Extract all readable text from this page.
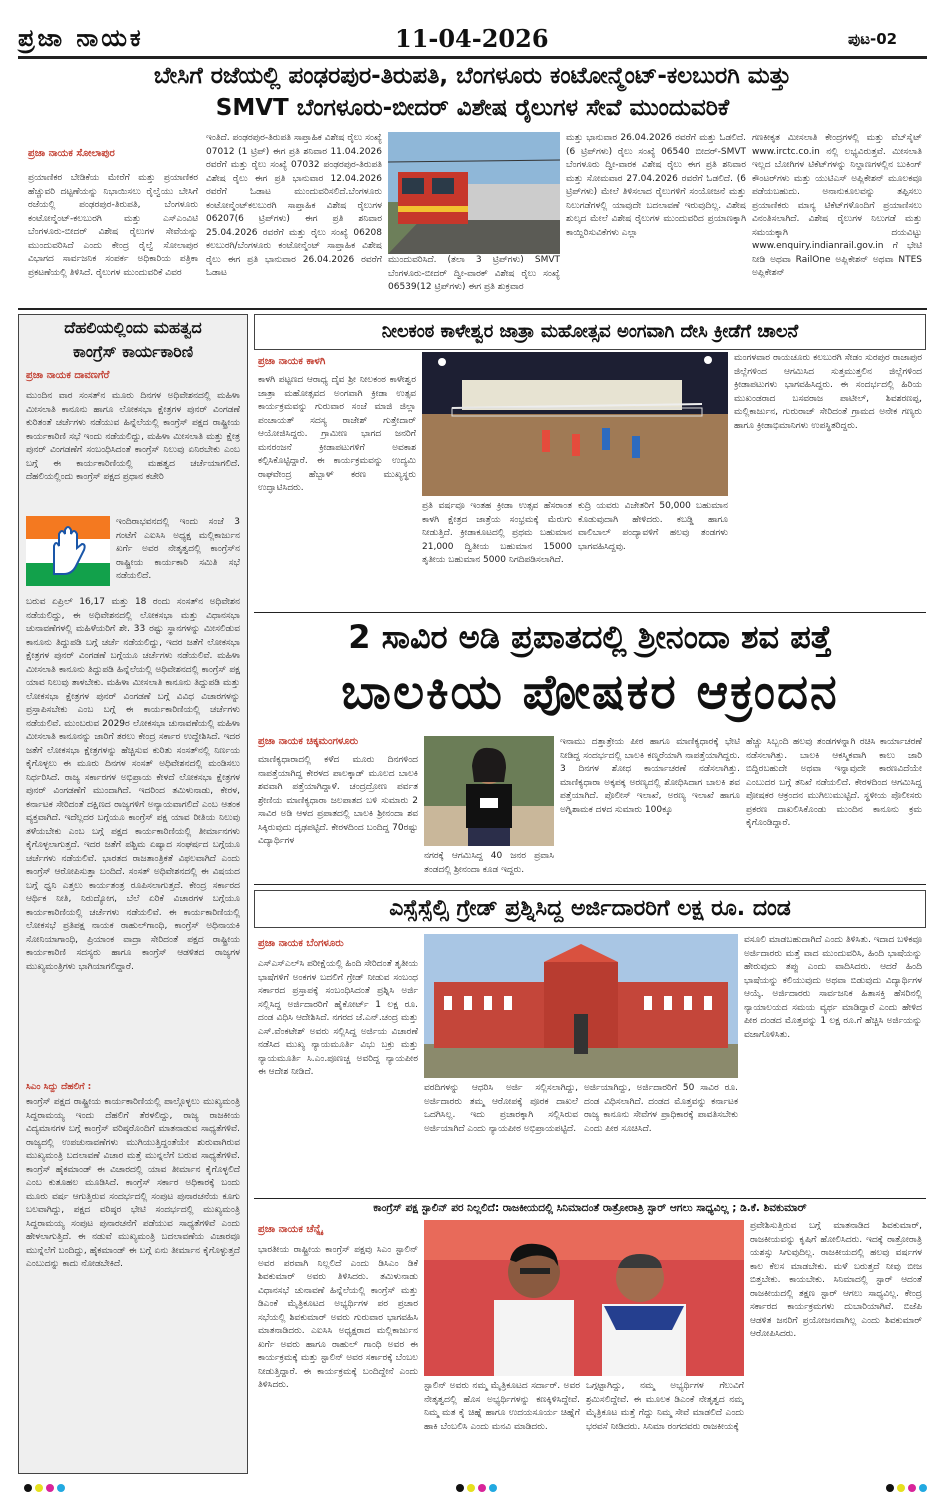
ಪ್ರಜಾ ನಾಯಕ	11-04-2026	ಪುಟ-02
ಬೇಸಿಗೆ ರಜೆಯಲ್ಲಿ ಪಂಢರಪುರ-ತಿರುಪತಿ, ಬೆಂಗಳೂರು ಕಂಟೋನ್ಮೆಂಟ್-ಕಲಬುರಗಿ ಮತ್ತು
SMVT ಬೆಂಗಳೂರು-ಬೀದರ್ ವಿಶೇಷ ರೈಲುಗಳ ಸೇವೆ ಮುಂದುವರಿಕೆ
ಪ್ರಜಾ ನಾಯಕ ಸೋಲಾಪುರ
ಪ್ರಯಾಣಿಕರ ಬೇಡಿಕೆಯ ಮೇರೆಗೆ ಮತ್ತು ಪ್ರಯಾಣಿಕರ ಹೆಚ್ಚುವರಿ ದಟ್ಟಣೆಯನ್ನು ನಿಭಾಯಿಸಲು ರೈಲ್ವೆಯು ಬೇಸಿಗೆ ರಜೆಯಲ್ಲಿ ಪಂಢರಪುರ-ತಿರುಪತಿ, ಬೆಂಗಳೂರು ಕಂಟೋನ್ಮೆಂಟ್-ಕಲಬುರಗಿ ಮತ್ತು ಎಸ್‌ಎಂವಿಟಿ ಬೆಂಗಳೂರು-ಬೀದರ್ ವಿಶೇಷ ರೈಲುಗಳ ಸೇವೆಯನ್ನು ಮುಂದುವರಿಸಿದೆ ಎಂದು ಕೇಂದ್ರ ರೈಲ್ವೆ ಸೋಲಾಪುರ ವಿಭಾಗದ ಸಾರ್ವಜನಿಕ ಸಂಪರ್ಕ ಅಧಿಕಾರಿಯ ಪತ್ರಿಕಾ ಪ್ರಕಟಣೆಯಲ್ಲಿ ತಿಳಿಸಿದೆ. ರೈಲುಗಳ ಮುಂದುವರಿಕೆ ವಿವರ
ಇಂತಿದೆ. ಪಂಢರಪುರ-ತಿರುಪತಿ ಸಾಪ್ತಾಹಿಕ ವಿಶೇಷ ರೈಲು ಸಂಖ್ಯೆ 07012 (1 ಟ್ರಿಪ್) ಈಗ ಪ್ರತಿ ಶನಿವಾರ 11.04.2026 ರವರೆಗೆ ಮತ್ತು ರೈಲು ಸಂಖ್ಯೆ 07032 ಪಂಢರಪುರ-ತಿರುಪತಿ ವಿಶೇಷ ರೈಲು ಈಗ ಪ್ರತಿ ಭಾನುವಾರ 12.04.2026 ರವರೆಗೆ ಓಡಾಟ ಮುಂದುವರಿಸಲಿದೆ.ಬೆಂಗಳೂರು ಕಂಟೋನ್ಮೆಂಟ್‌ಕಲಬುರಗಿ ಸಾಪ್ತಾಹಿಕ ವಿಶೇಷ ರೈಲುಗಳ 06207(6 ಟ್ರಿಪ್‌ಗಳು) ಈಗ ಪ್ರತಿ ಶನಿವಾರ 25.04.2026 ರವರೆಗೆ ಮತ್ತು ರೈಲು ಸಂಖ್ಯೆ 06208 ಕಲಬುರಗಿ/ಬೆಂಗಳೂರು ಕಂಟೋನ್ಮೆಂಟ್ ಸಾಪ್ತಾಹಿಕ ವಿಶೇಷ ರೈಲು ಈಗ ಪ್ರತಿ ಭಾನುವಾರ 26.04.2026 ರವರೆಗೆ ಓಡಾಟ
ಮುಂದುವರಿಸಿದೆ. (ತಲಾ 3 ಟ್ರಿಪ್‌ಗಳು) SMVT ಬೆಂಗಳೂರು-ಬೀದರ್ ದ್ವೀ-ವಾರಕ್ ವಿಶೇಷ ರೈಲು ಸಂಖ್ಯೆ 06539(12 ಟ್ರಿಪ್‌ಗಳು) ಈಗ ಪ್ರತಿ ಶುಕ್ರವಾರ
ಮತ್ತು ಭಾನುವಾರ 26.04.2026 ರವರೆಗೆ ಮತ್ತು ಓಡಲಿದೆ. (6 ಟ್ರಿಪ್‌ಗಳು) ರೈಲು ಸಂಖ್ಯೆ 06540 ಬೀದರ್-SMVT ಬೆಂಗಳೂರು ದ್ವೀ-ವಾರಕ ವಿಶೇಷ ರೈಲು ಈಗ ಪ್ರತಿ ಶನಿವಾರ ಮತ್ತು ಸೋಮವಾರ 27.04.2026 ರವರೆಗೆ ಓಡಲಿದೆ. (6 ಟ್ರಿಪ್‌ಗಳು) ಮೇಲೆ ತಿಳಿಸಲಾದ ರೈಲುಗಳಿಗೆ ಸಂಯೋಜನೆ ಮತ್ತು ನಿಲುಗಡೆಗಳಲ್ಲಿ ಯಾವುದೇ ಬದಲಾವಣೆ ಇರುವುದಿಲ್ಲ. ವಿಶೇಷ ಶುಲ್ಕದ ಮೇಲೆ ವಿಶೇಷ ರೈಲುಗಳ ಮುಂದುವರಿದ ಪ್ರಯಾಣಕ್ಕಾಗಿ ಕಾಯ್ದಿರಿಸುವಿಕೆಗಳು ಎಲ್ಲಾ
ಗಣಕೀಕೃತ ಮೀಸಲಾತಿ ಕೇಂದ್ರಗಳಲ್ಲಿ ಮತ್ತು ವೆಬ್‌ಸೈಟ್ www.irctc.co.in ನಲ್ಲಿ ಲಭ್ಯವಿರುತ್ತವೆ. ಮೀಸಲಾತಿ ಇಲ್ಲದ ಬೋಗಿಗಳ ಟಿಕೆಟ್‌ಗಳನ್ನು ನಿಲ್ದಾಣಗಳಲ್ಲಿನ ಬುಕಿಂಗ್ ಕೌಂಟರ್‌ಗಳು ಮತ್ತು ಯುಟಿಎಸ್ ಅಪ್ಲಿಕೇಶನ್ ಮೂಲಕವೂ ಪಡೆಯಬಹುದು. ಅನಾನುಕೂಲವನ್ನು ತಪ್ಪಿಸಲು ಪ್ರಯಾಣಿಕರು ಮಾನ್ಯ ಟಿಕೆಟ್‌ಗಳೊಂದಿಗೆ ಪ್ರಯಾಣಿಸಲು ವಿನಂತಿಸಲಾಗಿದೆ. ವಿಶೇಷ ರೈಲುಗಳ ನಿಲುಗಡೆ ಮತ್ತು ಸಮಯಕ್ಕಾಗಿ ದಯವಿಟ್ಟು www.enquiry.indianrail.gov.in ಗೆ ಭೇಟಿ ನೀಡಿ ಅಥವಾ RailOne ಅಪ್ಲಿಕೇಶನ್ ಅಥವಾ NTES ಅಪ್ಲಿಕೇಶನ್
ದೆಹಲಿಯಲ್ಲಿಂದು ಮಹತ್ವದ
ಕಾಂಗ್ರೆಸ್ ಕಾರ್ಯಕಾರಿಣಿ
ಪ್ರಜಾ ನಾಯಕ ದಾವಣಗೆರೆ
ಮುಂದಿನ ವಾರ ಸಂಸತ್‌ನ ಮೂರು ದಿನಗಳ ಅಧಿವೇಶನದಲ್ಲಿ ಮಹಿಳಾ ಮೀಸಲಾತಿ ಕಾನೂನು ಹಾಗೂ ಲೋಕಸಭಾ ಕ್ಷೇತ್ರಗಳ ಪುನರ್ ವಿಂಗಡಣೆ ಕುರಿತಂತೆ ಚರ್ಚೆಗಳು ನಡೆಯುವ ಹಿನ್ನೆಲೆಯಲ್ಲಿ ಕಾಂಗ್ರೆಸ್ ಪಕ್ಷದ ರಾಷ್ಟ್ರೀಯ ಕಾರ್ಯಕಾರಿಣಿ ಸಭೆ ಇಂದು ನಡೆಯಲಿದ್ದು, ಮಹಿಳಾ ಮೀಸಲಾತಿ ಮತ್ತು ಕ್ಷೇತ್ರ ಪುನರ್ ವಿಂಗಡಣೆಗೆ ಸಂಬಂಧಿಸಿದಂತೆ ಕಾಂಗ್ರೆಸ್ ನಿಲುವು ಏನಿರಬೇಕು ಎಂಬ ಬಗ್ಗೆ ಈ ಕಾರ್ಯಕಾರಿಣಿಯಲ್ಲಿ ಮಹತ್ವದ ಚರ್ಚೆಯಾಗಲಿದೆ. ದೆಹಲಿಯಲ್ಲಿಂದು ಕಾಂಗ್ರೆಸ್ ಪಕ್ಷದ ಪ್ರಧಾನ ಕಚೇರಿ
ಇಂದಿರಾಭವನದಲ್ಲಿ ಇಂದು ಸಂಜೆ 3 ಗಂಟೆಗೆ ಎಐಸಿಸಿ ಅಧ್ಯಕ್ಷ ಮಲ್ಲಿಕಾರ್ಜುನ ಖರ್ಗೆ ಅವರ ನೇತೃತ್ವದಲ್ಲಿ ಕಾಂಗ್ರೆಸ್‌ನ ರಾಷ್ಟ್ರೀಯ ಕಾರ್ಯಕಾರಿ ಸಮಿತಿ ಸಭೆ ನಡೆಯಲಿದೆ.
ಬರುವ ಏಪ್ರಿಲ್ 16,17 ಮತ್ತು 18 ರಂದು ಸಂಸತ್‌ನ ಅಧಿವೇಶನ ನಡೆಯಲಿದ್ದು, ಈ ಅಧಿವೇಶನದಲ್ಲಿ ಲೋಕಸಭಾ ಮತ್ತು ವಿಧಾನಸಭಾ ಚುನಾವಣೆಗಳಲ್ಲಿ ಮಹಿಳೆಯರಿಗೆ ಶೇ. 33 ರಷ್ಟು ಸ್ಥಾನಗಳನ್ನು ಮೀಸಲಿಡುವ ಕಾನೂನು ತಿದ್ದುಪಡಿ ಬಗ್ಗೆ ಚರ್ಚೆ ನಡೆಯಲಿದ್ದು, ಇದರ ಜತೆಗೆ ಲೋಕಸಭಾ ಕ್ಷೇತ್ರಗಳ ಪುನರ್ ವಿಂಗಡಣೆ ಬಗ್ಗೆಯೂ ಚರ್ಚೆಗಳು ನಡೆಯಲಿವೆ. ಮಹಿಳಾ ಮೀಸಲಾತಿ ಕಾನೂನು ತಿದ್ದುಪಡಿ ಹಿನ್ನೆಲೆಯಲ್ಲಿ ಅಧಿವೇಶನದಲ್ಲಿ ಕಾಂಗ್ರೆಸ್ ಪಕ್ಷ ಯಾವ ನಿಲುವು ತಾಳಬೇಕು. ಮಹಿಳಾ ಮೀಸಲಾತಿ ಕಾನೂನು ತಿದ್ದುಪಡಿ ಮತ್ತು ಲೋಕಸಭಾ ಕ್ಷೇತ್ರಗಳ ಪುನರ್ ವಿಂಗಡಣೆ ಬಗ್ಗೆ ವಿವಿಧ ವಿಚಾರಗಳನ್ನು ಪ್ರಸ್ತಾಪಿಸಬೇಕು ಎಂಬ ಬಗ್ಗೆ ಈ ಕಾರ್ಯಕಾರಿಣಿಯಲ್ಲಿ ಚರ್ಚೆಗಳು ನಡೆಯಲಿವೆ. ಮುಂಬರುವ 2029ರ ಲೋಕಸಭಾ ಚುನಾವಣೆಯಲ್ಲಿ ಮಹಿಳಾ ಮೀಸಲಾತಿ ಕಾನೂನನ್ನು ಜಾರಿಗೆ ತರಲು ಕೇಂದ್ರ ಸರ್ಕಾರ ಉದ್ದೇಶಿಸಿದೆ. ಇದರ ಜತೆಗೆ ಲೋಕಸಭಾ ಕ್ಷೇತ್ರಗಳನ್ನು ಹೆಚ್ಚಿಸುವ ಕುರಿತು ಸಂಸತ್‌ನಲ್ಲಿ ನಿರ್ಣಯ ಕೈಗೊಳ್ಳಲು ಈ ಮೂರು ದಿನಗಳ ಸಂಸತ್ ಅಧಿವೇಶನದಲ್ಲಿ ಮಂಡಿಸಲು ನಿರ್ಧರಿಸಿದೆ. ರಾಜ್ಯ ಸರ್ಕಾರಗಳ ಅಭಿಪ್ರಾಯ ಕೇಳದೆ ಲೋಕಸಭಾ ಕ್ಷೇತ್ರಗಳ ಪುನರ್ ವಿಂಗಡಣೆಗೆ ಮುಂದಾಗಿದೆ. ಇದರಿಂದ ತಮಿಳುನಾಡು, ಕೇರಳ, ಕರ್ನಾಟಕ ಸೇರಿದಂತೆ ದಕ್ಷಿಣದ ರಾಜ್ಯಗಳಿಗೆ ಅನ್ಯಾಯವಾಗಲಿದೆ ಎಂಬ ಆತಂಕ ವ್ಯಕ್ತವಾಗಿದೆ. ಇದೆಲ್ಲದರ ಬಗ್ಗೆಯೂ ಕಾಂಗ್ರೆಸ್ ಪಕ್ಷ ಯಾವ ರೀತಿಯ ನಿಲುವು ತಳೆಯಬೇಕು ಎಂಬ ಬಗ್ಗೆ ಪಕ್ಷದ ಕಾರ್ಯಕಾರಿಣಿಯಲ್ಲಿ ತೀರ್ಮಾನಗಳು ಕೈಗೊಳ್ಳಲಾಗುತ್ತದೆ. ಇದರ ಜತೆಗೆ ಪಶ್ಚಿಮ ಏಷ್ಯಾದ ಸಂಘರ್ಷದ ಬಗ್ಗೆಯೂ ಚರ್ಚೆಗಳು ನಡೆಯಲಿವೆ. ಭಾರತದ ರಾಜತಾಂತ್ರಿಕತೆ ವಿಫಲವಾಗಿದೆ ಎಂದು ಕಾಂಗ್ರೆಸ್ ಆರೋಪಿಸುತ್ತಾ ಬಂದಿದೆ. ಸಂಸತ್ ಅಧಿವೇಶನದಲ್ಲಿ ಈ ವಿಷಯದ ಬಗ್ಗೆ ಧ್ವನಿ ಎತ್ತಲು ಕಾರ್ಯತಂತ್ರ ರೂಪಿಸಲಾಗುತ್ತದೆ. ಕೇಂದ್ರ ಸರ್ಕಾರದ ಆರ್ಥಿಕ ನೀತಿ, ನಿರುದ್ಯೋಗ, ಬೆಲೆ ಏರಿಕೆ ವಿಚಾರಗಳ ಬಗ್ಗೆಯೂ ಕಾರ್ಯಕಾರಿಣಿಯಲ್ಲಿ ಚರ್ಚೆಗಳು ನಡೆಯಲಿವೆ. ಈ ಕಾರ್ಯಕಾರಿಣಿಯಲ್ಲಿ ಲೋಕಸಭೆ ಪ್ರತಿಪಕ್ಷ ನಾಯಕ ರಾಹುಲ್‌ಗಾಂಧಿ, ಕಾಂಗ್ರೆಸ್ ಅಧಿನಾಯಕಿ ಸೋನಿಯಾಗಾಂಧಿ, ಪ್ರಿಯಾಂಕ ವಾದ್ರಾ ಸೇರಿದಂತೆ ಪಕ್ಷದ ರಾಷ್ಟ್ರೀಯ ಕಾರ್ಯಕಾರಿಣಿ ಸದಸ್ಯರು ಹಾಗೂ ಕಾಂಗ್ರೆಸ್ ಆಡಳಿತದ ರಾಜ್ಯಗಳ ಮುಖ್ಯಮಂತ್ರಿಗಳು ಭಾಗಿಯಾಗಲಿದ್ದಾರೆ.
ಸಿಎಂ ಸಿದ್ದು ದೆಹಲಿಗೆ :
ಕಾಂಗ್ರೆಸ್ ಪಕ್ಷದ ರಾಷ್ಟ್ರೀಯ ಕಾರ್ಯಕಾರಿಣಿಯಲ್ಲಿ ಪಾಲ್ಗೊಳ್ಳಲು ಮುಖ್ಯಮಂತ್ರಿ ಸಿದ್ದರಾಮಯ್ಯ ಇಂದು ದೆಹಲಿಗೆ ತೆರಳಲಿದ್ದು, ರಾಜ್ಯ ರಾಜಕೀಯ ವಿದ್ಯಮಾನಗಳ ಬಗ್ಗೆ ಕಾಂಗ್ರೆಸ್ ವರಿಷ್ಠರೊಂದಿಗೆ ಮಾತನಾಡುವ ಸಾಧ್ಯತೆಗಳಿವೆ. ರಾಜ್ಯದಲ್ಲಿ ಉಪಚುನಾವಣೆಗಳು ಮುಗಿಯುತ್ತಿದ್ದಂತೆಯೇ ಶುರುವಾಗಿರುವ ಮುಖ್ಯಮಂತ್ರಿ ಬದಲಾವಣೆ ವಿಚಾರ ಮತ್ತೆ ಮುನ್ನಲೆಗೆ ಬರುವ ಸಾಧ್ಯತೆಗಳಿವೆ. ಕಾಂಗ್ರೆಸ್ ಹೈಕಮಾಂಡ್ ಈ ವಿಚಾರದಲ್ಲಿ ಯಾವ ತೀರ್ಮಾನ ಕೈಗೊಳ್ಳಲಿದೆ ಎಂಬ ಕುತೂಹಲ ಮೂಡಿಸಿದೆ. ಕಾಂಗ್ರೆಸ್ ಸರ್ಕಾರ ಅಧಿಕಾರಕ್ಕೆ ಬಂದು ಮೂರು ವರ್ಷ ಆಗುತ್ತಿರುವ ಸಂದರ್ಭದಲ್ಲಿ ಸಂಪುಟ ಪುನಾರಚನೆಯ ಕೂಗು ಬಲವಾಗಿದ್ದು, ಪಕ್ಷದ ವರಿಷ್ಠರ ಭೇಟಿ ಸಂದರ್ಭದಲ್ಲಿ ಮುಖ್ಯಮಂತ್ರಿ ಸಿದ್ದರಾಮಯ್ಯ ಸಂಪುಟ ಪುನಾರಚನೆಗೆ ಪಡೆಯುವ ಸಾಧ್ಯತೆಗಳಿವೆ ಎಂದು ಹೇಳಲಾಗುತ್ತಿದೆ. ಈ ನಡುವೆ ಮುಖ್ಯಮಂತ್ರಿ ಬದಲಾವಣೆಯ ವಿಚಾರವೂ ಮುನ್ನೆಲೆಗೆ ಬಂದಿದ್ದು, ಹೈಕಮಾಂಡ್ ಈ ಬಗ್ಗೆ ಏನು ತೀರ್ಮಾನ ಕೈಗೊಳ್ಳುತ್ತದೆ ಎಂಬುದನ್ನು ಕಾದು ನೋಡಬೇಕಿದೆ.
ನೀಲಕಂಠ ಕಾಳೇಶ್ವರ ಜಾತ್ರಾ ಮಹೋತ್ಸವ ಅಂಗವಾಗಿ ದೇಸಿ ಕ್ರೀಡೆಗೆ ಚಾಲನೆ
ಪ್ರಜಾ ನಾಯಕ ಕಾಳಗಿ
ಕಾಳಗಿ ಪಟ್ಟಣದ ಆರಾಧ್ಯ ದೈವ ಶ್ರೀ ನೀಲಕಂಠ ಕಾಳೇಶ್ವರ ಜಾತ್ರಾ ಮಹೋತ್ಸವದ ಅಂಗವಾಗಿ ಕ್ರೀಡಾ ಉತ್ಸವ ಕಾರ್ಯಕ್ರಮವನ್ನು ಗುರುವಾರ ಸಂಜೆ ಮಾಜಿ ಜಿಲ್ಲಾ ಪಂಚಾಯತ್ ಸದಸ್ಯ ರಾಜೇಶ್ ಗುತ್ತೇದಾರ್ ಆಯೋಜಿಸಿದ್ದರು. ಗ್ರಾಮೀಣ ಭಾಗದ ಜನರಿಗೆ ಮನರಂಜನೆ ಕ್ರೀಡಾಪಟುಗಳಿಗೆ ಅವಕಾಶ ಕಲ್ಪಿಸಿಕೊಟ್ಟಿದ್ದಾರೆ. ಈ ಕಾರ್ಯಕ್ರಮವನ್ನು ಉದ್ಯಮಿ ರಾಘವೇಂದ್ರ ಹೆಬ್ಬಾಳ್ ಕರಣ ಮುಖ್ಯಸ್ಥರು ಉದ್ಘಾಟಿಸಿದರು.
ಪ್ರತಿ ವರ್ಷವೂ ಇಂತಹ ಕ್ರೀಡಾ ಉತ್ಸವ ಹೆಸರಾಂತ ಕಾಳಗಿ ಕ್ಷೇತ್ರದ ಜಾತ್ರೆಯ ಸಂಭ್ರಮಕ್ಕೆ ಮೆರುಗು ನೀಡುತ್ತಿದೆ. ಕ್ರೀಡಾಕೂಟದಲ್ಲಿ ಪ್ರಥಮ ಬಹುಮಾನ 21,000 ದ್ವಿತೀಯ ಬಹುಮಾನ 15000 ತೃತೀಯ ಬಹುಮಾನ 5000 ನಿಗದಿಪಡಿಸಲಾಗಿದೆ.
ಕುದ್ರಿ ಯವರು ವಿಜೇತರಿಗೆ 50,000 ಬಹುಮಾನ ಕೊಡುವುದಾಗಿ ಹೇಳಿದರು. ಕಬಡ್ಡಿ ಹಾಗೂ ವಾಲಿಬಾಲ್ ಪಂದ್ಯಾವಳಿಗೆ ಹಲವು ತಂಡಗಳು ಭಾಗವಹಿಸಿದ್ದವು.
ಮಂಗಳವಾರ ರಾಯಚೂರು ಕಲಬುರಗಿ ಸೇಡಂ ಸುರಪುರ ರಾಜಾಪುರ ಜಿಲ್ಲೆಗಳಿಂದ ಆಗಮಿಸಿದ ಸುತ್ತಮುತ್ತಲಿನ ಜಿಲ್ಲೆಗಳಿಂದ ಕ್ರೀಡಾಪಟುಗಳು ಭಾಗವಹಿಸಿದ್ದರು. ಈ ಸಂದರ್ಭದಲ್ಲಿ ಹಿರಿಯ ಮುಖಂಡರಾದ ಬಸವರಾಜ ಪಾಟೀಲ್, ಶಿವಶರಣಪ್ಪ, ಮಲ್ಲಿಕಾರ್ಜುನ, ಗುರುರಾಜ್ ಸೇರಿದಂತೆ ಗ್ರಾಮದ ಅನೇಕ ಗಣ್ಯರು ಹಾಗೂ ಕ್ರೀಡಾಭಿಮಾನಿಗಳು ಉಪಸ್ಥಿತರಿದ್ದರು.
2 ಸಾವಿರ ಅಡಿ ಪ್ರಪಾತದಲ್ಲಿ ಶ್ರೀನಂದಾ ಶವ ಪತ್ತೆ
ಬಾಲಕಿಯ ಪೋಷಕರ ಆಕ್ರಂದನ
ಪ್ರಜಾ ನಾಯಕ ಚಿಕ್ಕಮಂಗಳೂರು
ಮಾಣಿಕ್ಯಧಾರಾದಲ್ಲಿ ಕಳೆದ ಮೂರು ದಿನಗಳಿಂದ ನಾಪತ್ತೆಯಾಗಿದ್ದ ಕೇರಳದ ಪಾಲಕ್ಕಾಡ್ ಮೂಲದ ಬಾಲಕಿ ಶವವಾಗಿ ಪತ್ತೆಯಾಗಿದ್ದಾಳೆ. ಚಂದ್ರದ್ರೋಣ ಪರ್ವತ ಶ್ರೇಣಿಯ ಮಾಣಿಕ್ಯಧಾರಾ ಜಲಪಾತದ ಬಳಿ ಸುಮಾರು 2 ಸಾವಿರ ಅಡಿ ಆಳದ ಪ್ರಪಾತದಲ್ಲಿ ಬಾಲಕಿ ಶ್ರೀನಂದಾ ಶವ ಸಿಕ್ಕಿರುವುದು ದೃಢಪಟ್ಟಿದೆ. ಕೇರಳದಿಂದ ಬಂದಿದ್ದ 70ರಷ್ಟು ವಿದ್ಯಾರ್ಥಿಗಳ
ನಗರಕ್ಕೆ ಆಗಮಿಸಿದ್ದ 40 ಜನರ ಪ್ರವಾಸಿ ತಂಡದಲ್ಲಿ ಶ್ರೀನಂದಾ ಕೂಡ ಇದ್ದರು.
ಇನಾಮು ದತ್ತಾತ್ರೇಯ ಪೀಠ ಹಾಗೂ ಮಾಣಿಕ್ಯಧಾರಕ್ಕೆ ಭೇಟಿ ನೀಡಿದ್ದ ಸಂದರ್ಭದಲ್ಲಿ ಬಾಲಕಿ ಕಣ್ಮರೆಯಾಗಿ ನಾಪತ್ತೆಯಾಗಿದ್ದರು. 3 ದಿನಗಳ ಶೋಧ ಕಾರ್ಯಾಚರಣೆ ನಡೆಸಲಾಗಿತ್ತು. ಮಾಣಿಕ್ಯಧಾರಾ ಅಕ್ಕಪಕ್ಕ ಅರಣ್ಯದಲ್ಲಿ ಶೋಧಿಸಿದಾಗ ಬಾಲಕಿ ಶವ ಪತ್ತೆಯಾಗಿದೆ. ಪೊಲೀಸ್ ಇಲಾಖೆ, ಅರಣ್ಯ ಇಲಾಖೆ ಹಾಗೂ ಅಗ್ನಿಶಾಮಕ ದಳದ ಸುಮಾರು 100ಕ್ಕೂ
ಹೆಚ್ಚು ಸಿಬ್ಬಂದಿ ಹಲವು ತಂಡಗಳನ್ನಾಗಿ ರಚಿಸಿ ಕಾರ್ಯಾಚರಣೆ ನಡೆಸಲಾಗಿತ್ತು. ಬಾಲಕಿ ಆಕಸ್ಮಿಕವಾಗಿ ಕಾಲು ಜಾರಿ ಬಿದ್ದಿರಬಹುದೇ ಅಥವಾ ಇನ್ನಾವುದೇ ಕಾರಣವಿದೆಯೇ ಎಂಬುದರ ಬಗ್ಗೆ ತನಿಖೆ ನಡೆಯಲಿದೆ. ಕೇರಳದಿಂದ ಆಗಮಿಸಿದ್ದ ಪೋಷಕರ ಆಕ್ರಂದನ ಮುಗಿಲುಮುಟ್ಟಿದೆ. ಸ್ಥಳೀಯ ಪೊಲೀಸರು ಪ್ರಕರಣ ದಾಖಲಿಸಿಕೊಂಡು ಮುಂದಿನ ಕಾನೂನು ಕ್ರಮ ಕೈಗೊಂಡಿದ್ದಾರೆ.
ಎಸ್ಸೆಸ್ಸೆಲ್ಸಿ ಗ್ರೇಡ್ ಪ್ರಶ್ನಿಸಿದ್ದ ಅರ್ಜಿದಾರರಿಗೆ ಲಕ್ಷ ರೂ. ದಂಡ
ಪ್ರಜಾ ನಾಯಕ ಬೆಂಗಳೂರು
ಎಸ್‌ಎಸ್‌ಎಲ್‌ಸಿ ಪರೀಕ್ಷೆಯಲ್ಲಿ ಹಿಂದಿ ಸೇರಿದಂತೆ ತೃತೀಯ ಭಾಷೆಗಳಿಗೆ ಅಂಕಗಳ ಬದಲಿಗೆ ಗ್ರೇಡ್ ನೀಡುವ ಸಂಬಂಧ ಸರ್ಕಾರದ ಪ್ರಸ್ತಾಪಕ್ಕೆ ಸಂಬಂಧಿಸಿದಂತೆ ಪ್ರಶ್ನಿಸಿ ಅರ್ಜಿ ಸಲ್ಲಿಸಿದ್ದ ಅರ್ಜಿದಾರರಿಗೆ ಹೈಕೋರ್ಟ್ 1 ಲಕ್ಷ ರೂ. ದಂಡ ವಿಧಿಸಿ ಆದೇಶಿಸಿದೆ. ನಗರದ ಜೆ.ಎನ್.ಚಂದ್ರ ಮತ್ತು ಎಸ್.ವೆಂಕಟೇಶ್ ಅವರು ಸಲ್ಲಿಸಿದ್ದ ಅರ್ಜಿಯ ವಿಚಾರಣೆ ನಡೆಸಿದ ಮುಖ್ಯ ನ್ಯಾಯಮೂರ್ತಿ ವಿಭು ಬಕ್ರು ಮತ್ತು ನ್ಯಾಯಮೂರ್ತಿ ಸಿ.ಎಂ.ಪೂಣಚ್ಚ ಅವರಿದ್ದ ನ್ಯಾಯಪೀಠ ಈ ಆದೇಶ ನೀಡಿದೆ.
ವರದಿಗಳನ್ನು ಆಧರಿಸಿ ಅರ್ಜಿ ಸಲ್ಲಿಸಲಾಗಿದ್ದು, ಅರ್ಜಿದಾರರು ತಮ್ಮ ಆರೋಪಕ್ಕೆ ಪೂರಕ ದಾಖಲೆ ಒದಗಿಸಿಲ್ಲ. ಇದು ಪ್ರಚಾರಕ್ಕಾಗಿ ಸಲ್ಲಿಸಿರುವ ಅರ್ಜಿಯಾಗಿದೆ ಎಂದು ನ್ಯಾಯಪೀಠ ಅಭಿಪ್ರಾಯಪಟ್ಟಿದೆ.
ಅರ್ಜಿಯಾಗಿದ್ದು, ಅರ್ಜಿದಾರರಿಗೆ 50 ಸಾವಿರ ರೂ. ದಂಡ ವಿಧಿಸಲಾಗಿದೆ. ದಂಡದ ಮೊತ್ತವನ್ನು ಕರ್ನಾಟಕ ರಾಜ್ಯ ಕಾನೂನು ಸೇವೆಗಳ ಪ್ರಾಧಿಕಾರಕ್ಕೆ ಪಾವತಿಸಬೇಕು ಎಂದು ಪೀಠ ಸೂಚಿಸಿದೆ.
ವಸೂಲಿ ಮಾಡಬಹುದಾಗಿದೆ ಎಂದು ತಿಳಿಸಿತು. ಇದಾದ ಬಳಿಕವೂ ಅರ್ಜಿದಾರರು ಮತ್ತೆ ವಾದ ಮುಂದುವರಿಸಿ, ಹಿಂದಿ ಭಾಷೆಯನ್ನು ಹೇರುವುದು ತಪ್ಪು ಎಂದು ವಾದಿಸಿದರು. ಆದರೆ ಹಿಂದಿ ಭಾಷೆಯನ್ನು ಕಲಿಯುವುದು ಅಥವಾ ಬಿಡುವುದು ವಿದ್ಯಾರ್ಥಿಗಳ ಆಯ್ಕೆ. ಅರ್ಜಿದಾರರು ಸಾರ್ವಜನಿಕ ಹಿತಾಸಕ್ತಿ ಹೆಸರಿನಲ್ಲಿ ನ್ಯಾಯಾಲಯದ ಸಮಯ ವ್ಯರ್ಥ ಮಾಡಿದ್ದಾರೆ ಎಂದು ಹೇಳಿದ ಪೀಠ ದಂಡದ ಮೊತ್ತವನ್ನು 1 ಲಕ್ಷ ರೂ.ಗೆ ಹೆಚ್ಚಿಸಿ ಅರ್ಜಿಯನ್ನು ವಜಾಗೊಳಿಸಿತು.
ಕಾಂಗ್ರೆಸ್ ಪಕ್ಷ ಸ್ಟಾಲಿನ್ ಪರ ನಿಲ್ಲಲಿದೆ: ರಾಜಕೀಯದಲ್ಲಿ ಸಿನಿಮಾದಂತೆ ರಾತ್ರೋರಾತ್ರಿ ಸ್ಟಾರ್ ಆಗಲು ಸಾಧ್ಯವಿಲ್ಲ ; ಡಿ.ಕೆ. ಶಿವಕುಮಾರ್
ಪ್ರಜಾ ನಾಯಕ ಚೆನ್ನೈ
ಭಾರತೀಯ ರಾಷ್ಟ್ರೀಯ ಕಾಂಗ್ರೆಸ್ ಪಕ್ಷವು ಸಿಎಂ ಸ್ಟಾಲಿನ್ ಅವರ ಪರವಾಗಿ ನಿಲ್ಲಲಿದೆ ಎಂದು ಡಿಸಿಎಂ ಡಿಕೆ ಶಿವಕುಮಾರ್ ಅವರು ತಿಳಿಸಿದರು. ತಮಿಳುನಾಡು ವಿಧಾನಸಭೆ ಚುನಾವಣೆ ಹಿನ್ನೆಲೆಯಲ್ಲಿ ಕಾಂಗ್ರೆಸ್ ಮತ್ತು ಡಿಎಂಕೆ ಮೈತ್ರಿಕೂಟದ ಅಭ್ಯರ್ಥಿಗಳ ಪರ ಪ್ರಚಾರ ಸಭೆಯಲ್ಲಿ ಶಿವಕುಮಾರ್ ಅವರು ಗುರುವಾರ ಭಾಗವಹಿಸಿ ಮಾತನಾಡಿದರು. ಎಐಸಿಸಿ ಅಧ್ಯಕ್ಷರಾದ ಮಲ್ಲಿಕಾರ್ಜುನ ಖರ್ಗೆ ಅವರು ಹಾಗೂ ರಾಹುಲ್ ಗಾಂಧಿ ಅವರ ಈ ಕಾರ್ಯಕ್ರಮಕ್ಕೆ ಮತ್ತು ಸ್ಟಾಲಿನ್ ಅವರ ಸರ್ಕಾರಕ್ಕೆ ಬೆಂಬಲ ನೀಡುತ್ತಿದ್ದಾರೆ. ಈ ಕಾರ್ಯಕ್ರಮಕ್ಕೆ ಬಂದಿದ್ದೇನೆ ಎಂದು ತಿಳಿಸಿದರು.	ಸ್ಟಾಲಿನ್ ಅವರು ನಮ್ಮ ಮೈತ್ರಿಕೂಟದ ಸರ್ದಾರ್. ಅವರ ನೇತೃತ್ವದಲ್ಲಿ ಹೊಸ ಅಭ್ಯರ್ಥಿಗಳನ್ನು ಕಣಕ್ಕಿಳಿಸಿದ್ದೇವೆ. ನಿಮ್ಮ ಮತ ಕೈ ಚಿಹ್ನೆ ಹಾಗೂ ಉದಯಸೂರ್ಯ ಚಿಹ್ನೆಗೆ ಹಾಕಿ ಬೆಂಬಲಿಸಿ ಎಂದು ಮನವಿ ಮಾಡಿದರು.
ಒಗ್ಗಟ್ಟಾಗಿದ್ದು, ನಮ್ಮ ಅಭ್ಯರ್ಥಿಗಳ ಗೆಲುವಿಗೆ ಶ್ರಮಿಸಲಿದ್ದೇವೆ. ಈ ಮೂಲಕ ಡಿಎಂಕೆ ನೇತೃತ್ವದ ನಮ್ಮ ಮೈತ್ರಿಕೂಟ ಮತ್ತೆ ಗೆದ್ದು ನಿಮ್ಮ ಸೇವೆ ಮಾಡಲಿದೆ ಎಂದು ಭರವಸೆ ನೀಡಿದರು. ಸಿನಿಮಾ ರಂಗದವರು ರಾಜಕೀಯಕ್ಕೆ
ಪ್ರವೇಶಿಸುತ್ತಿರುವ ಬಗ್ಗೆ ಮಾತನಾಡಿದ ಶಿವಕುಮಾರ್, ರಾಜಕೀಯವನ್ನು ಕೃಷಿಗೆ ಹೋಲಿಸಿದರು. ಇದಕ್ಕೆ ರಾತ್ರೋರಾತ್ರಿ ಯಶಸ್ಸು ಸಿಗುವುದಿಲ್ಲ. ರಾಜಕೀಯದಲ್ಲಿ ಹಲವು ವರ್ಷಗಳ ಕಾಲ ಕೆಲಸ ಮಾಡಬೇಕು. ಮಳೆ ಬರುತ್ತದೆ ನೀವು ಬೀಜ ಬಿತ್ತಬೇಕು. ಕಾಯಬೇಕು. ಸಿನಿಮಾದಲ್ಲಿ ಸ್ಟಾರ್ ಆದಂತೆ ರಾಜಕೀಯದಲ್ಲಿ ತಕ್ಷಣ ಸ್ಟಾರ್ ಆಗಲು ಸಾಧ್ಯವಿಲ್ಲ. ಕೇಂದ್ರ ಸರ್ಕಾರದ ಕಾರ್ಯಕ್ರಮಗಳು ದುಬಾರಿಯಾಗಿವೆ. ಬಿಜೆಪಿ ಆಡಳಿತ ಜನರಿಗೆ ಪ್ರಯೋಜನವಾಗಿಲ್ಲ ಎಂದು ಶಿವಕುಮಾರ್ ಆರೋಪಿಸಿದರು.
